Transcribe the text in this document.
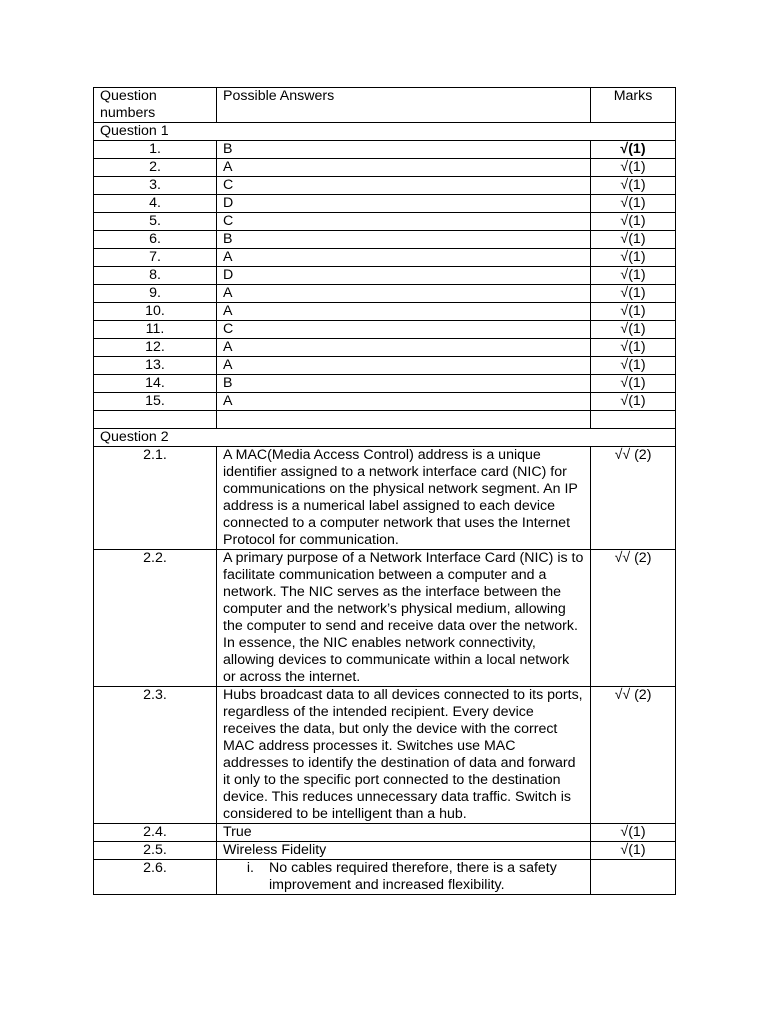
Question numbers	Possible Answers	Marks
Question 1		
1.	B	√(1)
2.	A	√(1)
3.	C	√(1)
4.	D	√(1)
5.	C	√(1)
6.	B	√(1)
7.	A	√(1)
8.	D	√(1)
9.	A	√(1)
10.	A	√(1)
11.	C	√(1)
12.	A	√(1)
13.	A	√(1)
14.	B	√(1)
15.	A	√(1)

Question 2		
2.1.	A MAC(Media Access Control) address is a unique identifier assigned to a network interface card (NIC) for communications on the physical network segment. An IP address is a numerical label assigned to each device connected to a computer network that uses the Internet Protocol for communication.	√√ (2)
2.2.	A primary purpose of a Network Interface Card (NIC) is to facilitate communication between a computer and a network. The NIC serves as the interface between the computer and the network’s physical medium, allowing the computer to send and receive data over the network. In essence, the NIC enables network connectivity, allowing devices to communicate within a local network or across the internet.	√√ (2)
2.3.	Hubs broadcast data to all devices connected to its ports, regardless of the intended recipient. Every device receives the data, but only the device with the correct MAC address processes it. Switches use MAC addresses to identify the destination of data and forward it only to the specific port connected to the destination device. This reduces unnecessary data traffic. Switch is considered to be intelligent than a hub.	√√ (2)
2.4.	True	√(1)
2.5.	Wireless Fidelity	√(1)
2.6.	i. No cables required therefore, there is a safety improvement and increased flexibility.	
